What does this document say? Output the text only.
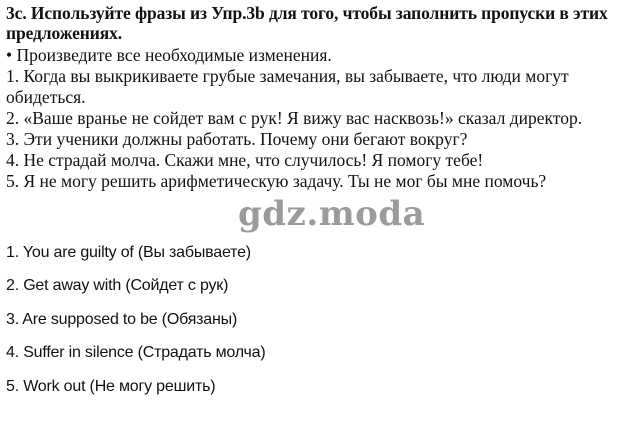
3c. Используйте фразы из Упр.3b для того, чтобы заполнить пропуски в этих предложениях.
• Произведите все необходимые изменения.
1. Когда вы выкрикиваете грубые замечания, вы забываете, что люди могут
обидеться.
2. «Ваше вранье не сойдет вам с рук! Я вижу вас насквозь!» сказал директор.
3. Эти ученики должны работать. Почему они бегают вокруг?
4. Не страдай молча. Скажи мне, что случилось! Я помогу тебе!
5. Я не могу решить арифметическую задачу. Ты не мог бы мне помочь?
gdz.moda
1. You are guilty of (Вы забываете)
2. Get away with (Сойдет с рук)
3. Are supposed to be (Обязаны)
4. Suffer in silence (Страдать молча)
5. Work out (Не могу решить)
